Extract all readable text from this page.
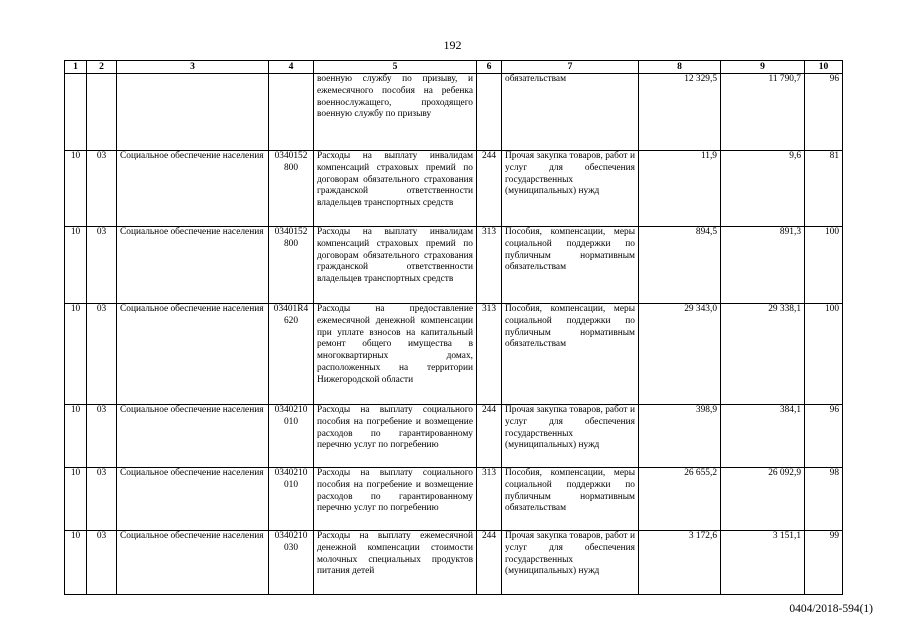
192
1	2	3	4	5	6	7	8	9	10
				военную службу по призыву, и ежемесячного пособия на ребенка военнослужащего, проходящего военную службу по призыву		обязательствам	12 329,5	11 790,7	96
10	03	Социальное обеспечение населения	0340152 800	Расходы на выплату инвалидам компенсаций страховых премий по договорам обязательного страхования гражданской ответственности владельцев транспортных средств	244	Прочая закупка товаров, работ и услуг для обеспечения государственных (муниципальных) нужд	11,9	9,6	81
10	03	Социальное обеспечение населения	0340152 800	Расходы на выплату инвалидам компенсаций страховых премий по договорам обязательного страхования гражданской ответственности владельцев транспортных средств	313	Пособия, компенсации, меры социальной поддержки по публичным нормативным обязательствам	894,5	891,3	100
10	03	Социальное обеспечение населения	03401R4 620	Расходы на предоставление ежемесячной денежной компенсации при уплате взносов на капитальный ремонт общего имущества в многоквартирных домах, расположенных на территории Нижегородской области	313	Пособия, компенсации, меры социальной поддержки по публичным нормативным обязательствам	29 343,0	29 338,1	100
10	03	Социальное обеспечение населения	0340210 010	Расходы на выплату социального пособия на погребение и возмещение расходов по гарантированному перечню услуг по погребению	244	Прочая закупка товаров, работ и услуг для обеспечения государственных (муниципальных) нужд	398,9	384,1	96
10	03	Социальное обеспечение населения	0340210 010	Расходы на выплату социального пособия на погребение и возмещение расходов по гарантированному перечню услуг по погребению	313	Пособия, компенсации, меры социальной поддержки по публичным нормативным обязательствам	26 655,2	26 092,9	98
10	03	Социальное обеспечение населения	0340210 030	Расходы на выплату ежемесячной денежной компенсации стоимости молочных специальных продуктов питания детей	244	Прочая закупка товаров, работ и услуг для обеспечения государственных (муниципальных) нужд	3 172,6	3 151,1	99
0404/2018-594(1)
